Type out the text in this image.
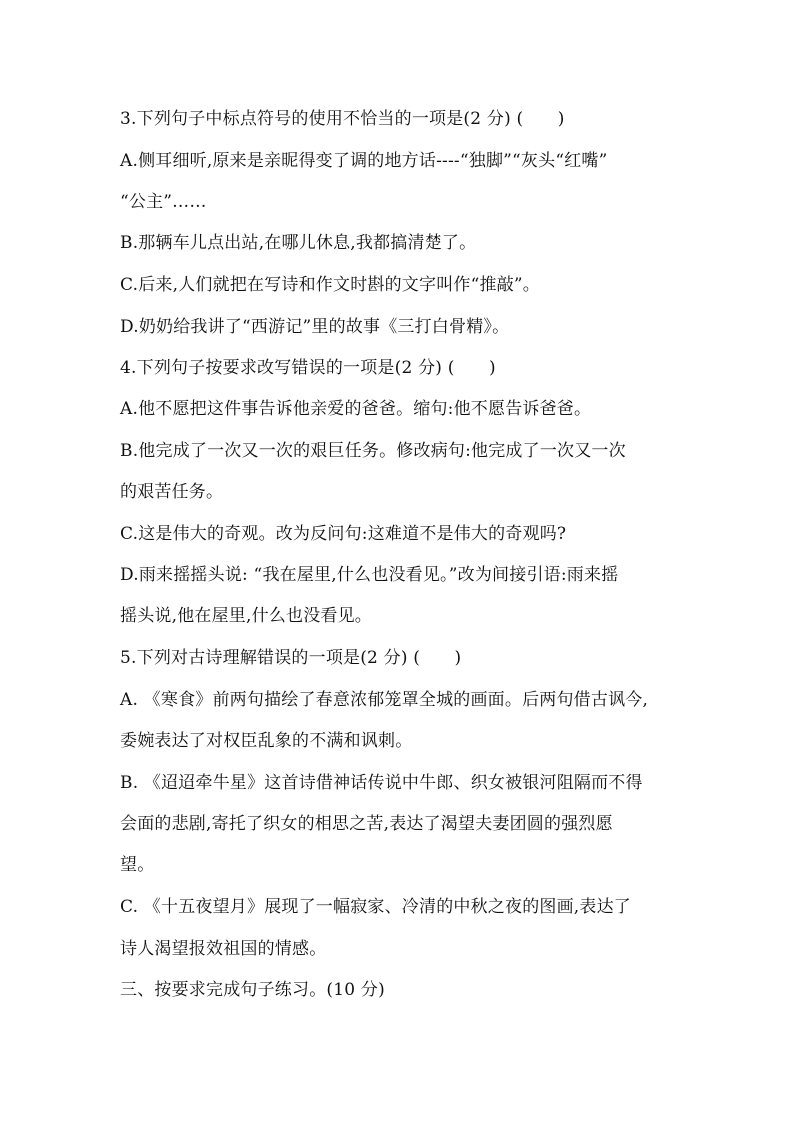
3.下列句子中标点符号的使用不恰当的一项是(2 分) (　　)
A.侧耳细听,原来是亲昵得变了调的地方话----“独脚”“灰头“红嘴”
“公主”……
B.那辆车儿点出站,在哪儿休息,我都搞清楚了。
C.后来,人们就把在写诗和作文时斟的文字叫作“推敲”。
D.奶奶给我讲了“西游记”里的故事《三打白骨精》。
4.下列句子按要求改写错误的一项是(2 分) (　　)
A.他不愿把这件事告诉他亲爱的爸爸。缩句:他不愿告诉爸爸。
B.他完成了一次又一次的艰巨任务。修改病句:他完成了一次又一次
的艰苦任务。
C.这是伟大的奇观。改为反问句:这难道不是伟大的奇观吗?
D.雨来摇摇头说: “我在屋里,什么也没看见。”改为间接引语:雨来摇
摇头说,他在屋里,什么也没看见。
5.下列对古诗理解错误的一项是(2 分) (　　)
A. 《寒食》前两句描绘了春意浓郁笼罩全城的画面。后两句借古讽今,
委婉表达了对权臣乱象的不满和讽刺。
B. 《迢迢牵牛星》这首诗借神话传说中牛郎、织女被银河阻隔而不得
会面的悲剧,寄托了织女的相思之苦,表达了渴望夫妻团圆的强烈愿
望。
C. 《十五夜望月》展现了一幅寂家、冷清的中秋之夜的图画,表达了
诗人渴望报效祖国的情感。
三、按要求完成句子练习。(10 分)
